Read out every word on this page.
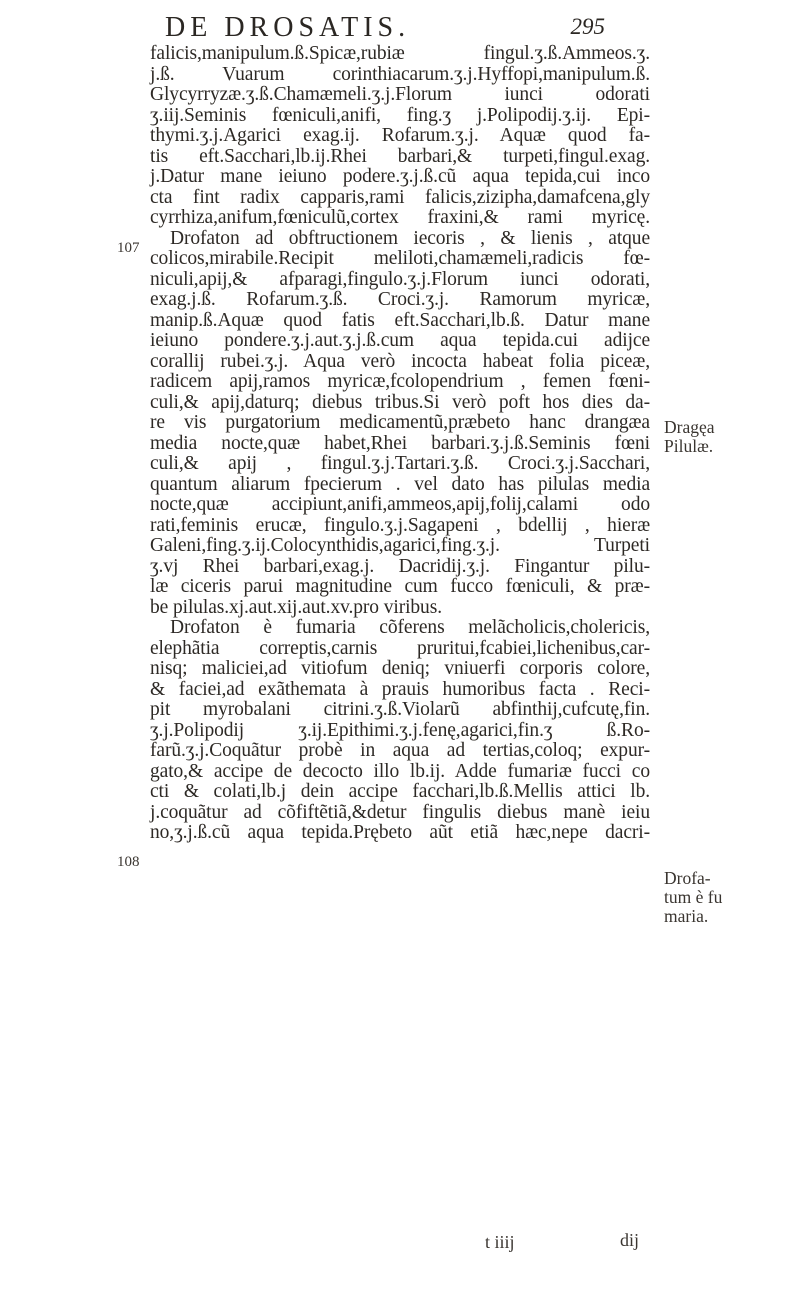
DE DROSATIS.	295
107
108
Dragęa
Pilulæ.
Drofa-
tum è fu
maria.
falicis,manipulum.ß.Spicæ,rubiæ fingul.ʒ.ß.Ammeos.ʒ.
j.ß. Vuarum corinthiacarum.ʒ.j.Hyffopi,manipulum.ß.
Glycyrryzæ.ʒ.ß.Chamæmeli.ʒ.j.Florum iunci odorati
ʒ.iij.Seminis fœniculi,anifi, fing.ʒ j.Polipodij.ʒ.ij. Epi-
thymi.ʒ.j.Agarici exag.ij. Rofarum.ʒ.j. Aquæ quod fa-
tis eft.Sacchari,lb.ij.Rhei barbari,& turpeti,fingul.exag.
j.Datur mane ieiuno podere.ʒ.j.ß.cũ aqua tepida,cui inco
cta fint radix capparis,rami falicis,zizipha,damafcena,gly
cyrrhiza,anifum,fœniculũ,cortex fraxini,& rami myricę.
Drofaton ad obftructionem iecoris , & lienis , atque
colicos,mirabile.Recipit meliloti,chamæmeli,radicis fœ-
niculi,apij,& afparagi,fingulo.ʒ.j.Florum iunci odorati,
exag.j.ß. Rofarum.ʒ.ß. Croci.ʒ.j. Ramorum myricæ,
manip.ß.Aquæ quod fatis eft.Sacchari,lb.ß. Datur mane
ieiuno pondere.ʒ.j.aut.ʒ.j.ß.cum aqua tepida.cui adijce
corallij rubei.ʒ.j. Aqua verò incocta habeat folia piceæ,
radicem apij,ramos myricæ,fcolopendrium , femen fœni-
culi,& apij,daturq; diebus tribus.Si verò poft hos dies da-
re vis purgatorium medicamentũ,præbeto hanc drangæa
media nocte,quæ habet,Rhei barbari.ʒ.j.ß.Seminis fœni
culi,& apij , fingul.ʒ.j.Tartari.ʒ.ß. Croci.ʒ.j.Sacchari,
quantum aliarum fpecierum . vel dato has pilulas media
nocte,quæ accipiunt,anifi,ammeos,apij,folij,calami odo
rati,feminis erucæ, fingulo.ʒ.j.Sagapeni , bdellij , hieræ
Galeni,fing.ʒ.ij.Colocynthidis,agarici,fing.ʒ.j. Turpeti
ʒ.vj Rhei barbari,exag.j. Dacridij.ʒ.j. Fingantur pilu-
læ ciceris parui magnitudine cum fucco fœniculi, & præ-
be pilulas.xj.aut.xij.aut.xv.pro viribus.
Drofaton è fumaria cõferens melãcholicis,cholericis,
elephãtia correptis,carnis pruritui,fcabiei,lichenibus,car-
nisq; maliciei,ad vitiofum deniq; vniuerfi corporis colore,
& faciei,ad exãthemata à prauis humoribus facta . Reci-
pit myrobalani citrini.ʒ.ß.Violarũ abfinthij,cufcutę,fin.
ʒ.j.Polipodij ʒ.ij.Epithimi.ʒ.j.fenę,agarici,fin.ʒ ß.Ro-
farũ.ʒ.j.Coquãtur probè in aqua ad tertias,coloq; expur-
gato,& accipe de decocto illo lb.ij. Adde fumariæ fucci co
cti & colati,lb.j dein accipe facchari,lb.ß.Mellis attici lb.
j.coquãtur ad cõfiftẽtiã,&detur fingulis diebus manè ieiu
no,ʒ.j.ß.cũ aqua tepida.Prębeto aũt etiã hæc,nepe dacri-
t iiij	dij
